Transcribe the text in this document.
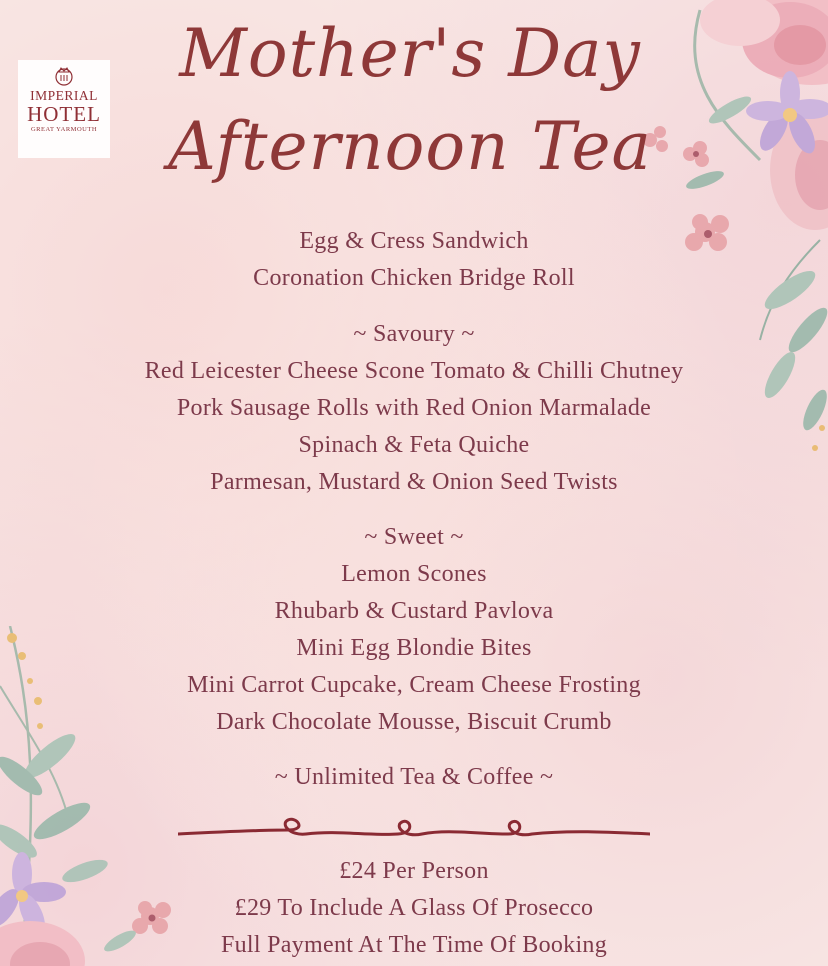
IMPERIAL
HOTEL
GREAT YARMOUTH
Mother's Day
Afternoon Tea
Egg & Cress Sandwich
Coronation Chicken Bridge Roll
~ Savoury ~
Red Leicester Cheese Scone Tomato & Chilli Chutney
Pork Sausage Rolls with Red Onion Marmalade
Spinach & Feta Quiche
Parmesan, Mustard & Onion Seed Twists
~ Sweet ~
Lemon Scones
Rhubarb & Custard Pavlova
Mini Egg Blondie Bites
Mini Carrot Cupcake, Cream Cheese Frosting
Dark Chocolate Mousse, Biscuit Crumb
~ Unlimited Tea & Coffee ~
£24 Per Person
£29 To Include A Glass Of Prosecco
Full Payment At The Time Of Booking
